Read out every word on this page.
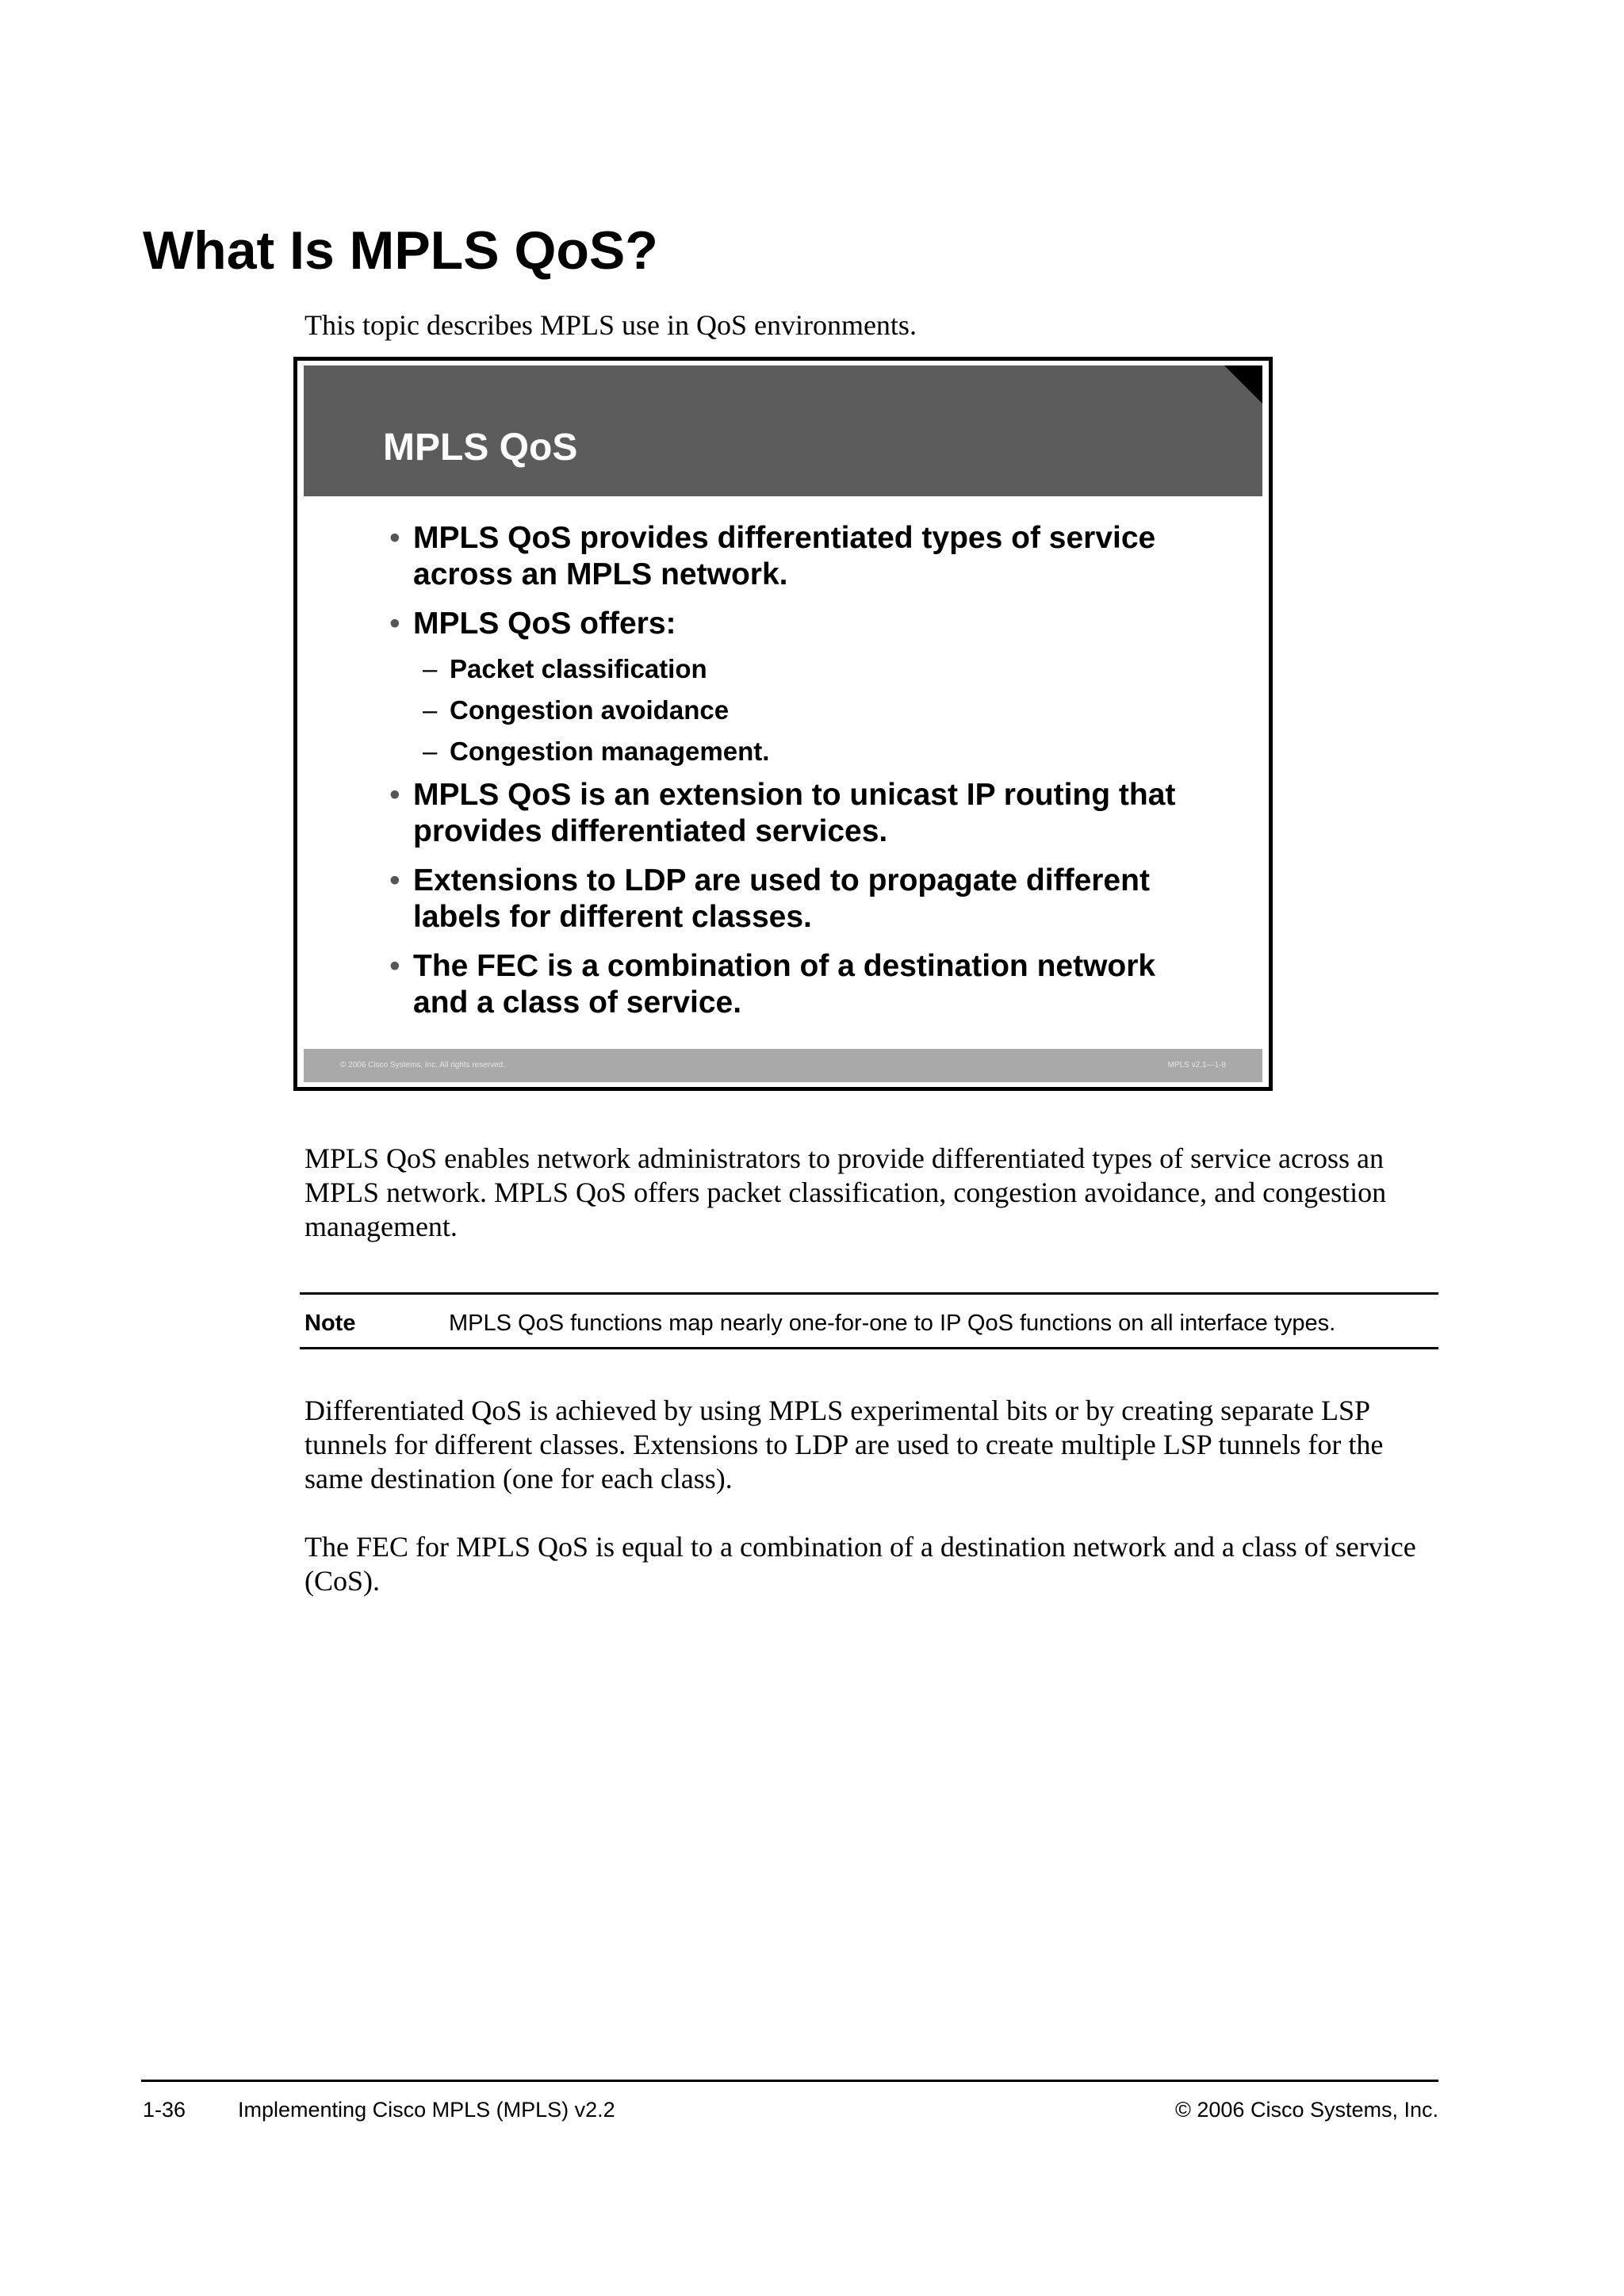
What Is MPLS QoS?
This topic describes MPLS use in QoS environments.
MPLS QoS
• MPLS QoS provides differentiated types of service across an MPLS network.
• MPLS QoS offers:
– Packet classification
– Congestion avoidance
– Congestion management.
• MPLS QoS is an extension to unicast IP routing that provides differentiated services.
• Extensions to LDP are used to propagate different labels for different classes.
• The FEC is a combination of a destination network and a class of service.
© 2006 Cisco Systems, Inc. All rights reserved.	MPLS v2.1—1-8

MPLS QoS enables network administrators to provide differentiated types of service across an MPLS network. MPLS QoS offers packet classification, congestion avoidance, and congestion management.

Note	MPLS QoS functions map nearly one-for-one to IP QoS functions on all interface types.

Differentiated QoS is achieved by using MPLS experimental bits or by creating separate LSP tunnels for different classes. Extensions to LDP are used to create multiple LSP tunnels for the same destination (one for each class).

The FEC for MPLS QoS is equal to a combination of a destination network and a class of service (CoS).

1-36 Implementing Cisco MPLS (MPLS) v2.2	© 2006 Cisco Systems, Inc.
